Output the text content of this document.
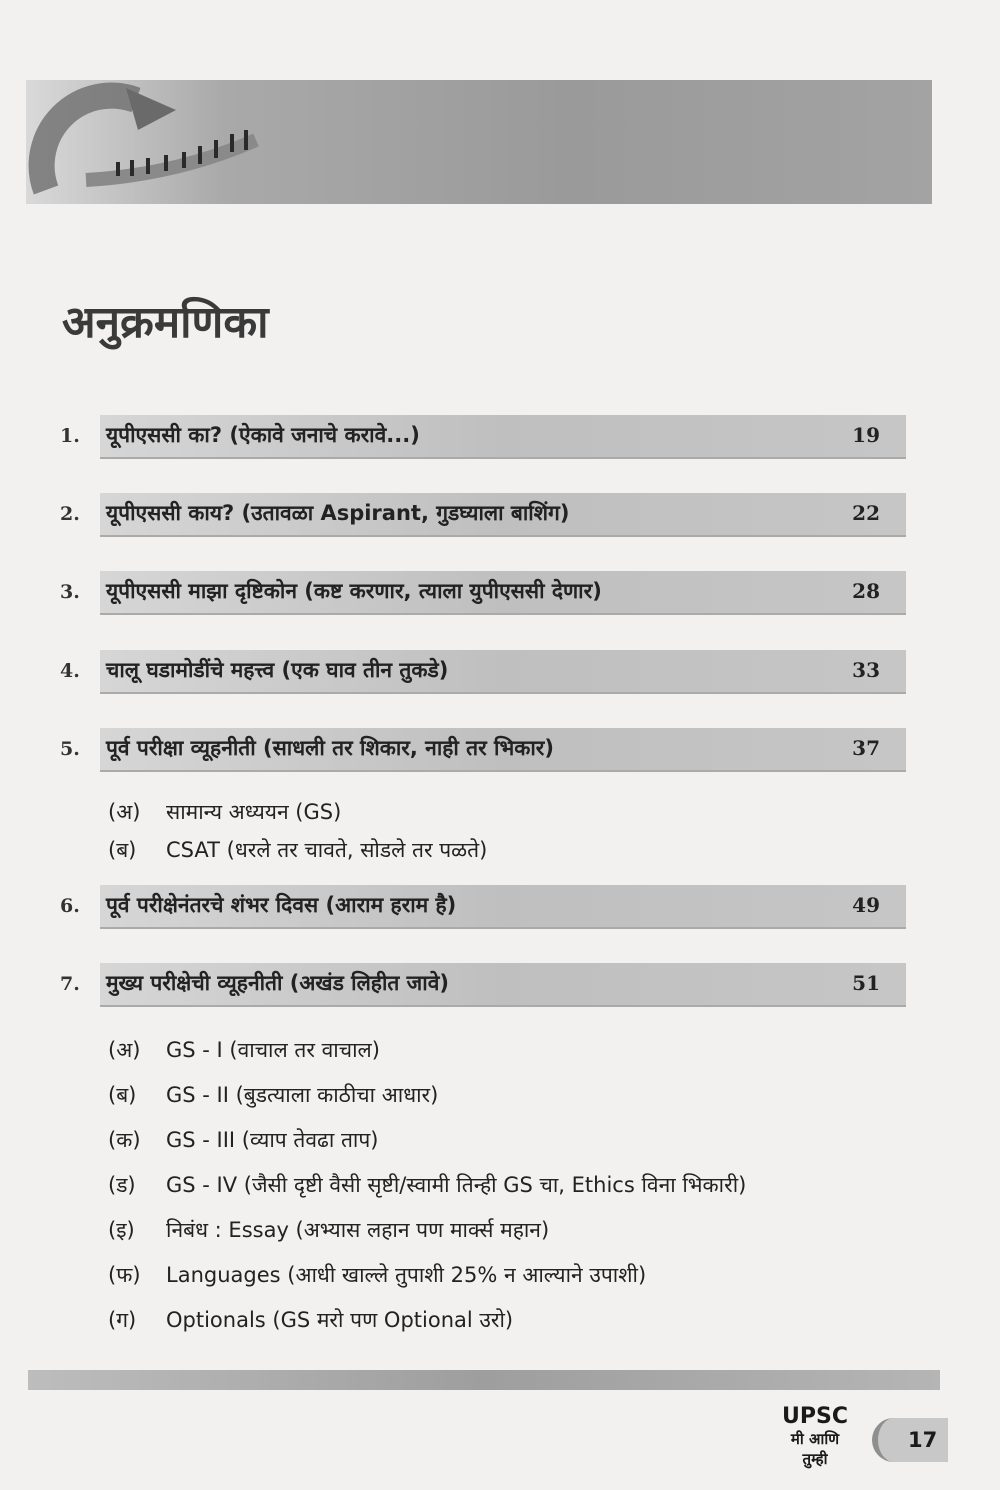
अनुक्रमणिका
1. यूपीएससी का? (ऐकावे जनाचे करावे...)	19
2. यूपीएससी काय? (उतावळा Aspirant, गुडघ्याला बाशिंग)	22
3. यूपीएससी माझा दृष्टिकोन (कष्ट करणार, त्याला युपीएससी देणार)	28
4. चालू घडामोडींचे महत्त्व (एक घाव तीन तुकडे)	33
5. पूर्व परीक्षा व्यूहनीती (साधली तर शिकार, नाही तर भिकार)	37
(अ) सामान्य अध्ययन (GS)
(ब) CSAT (धरले तर चावते, सोडले तर पळते)
6. पूर्व परीक्षेनंतरचे शंभर दिवस (आराम हराम है)	49
7. मुख्य परीक्षेची व्यूहनीती (अखंड लिहीत जावे)	51
(अ) GS - I (वाचाल तर वाचाल)
(ब) GS - II (बुडत्याला काठीचा आधार)
(क) GS - III (व्याप तेवढा ताप)
(ड) GS - IV (जैसी दृष्टी वैसी सृष्टी/स्वामी तिन्ही GS चा, Ethics विना भिकारी)
(इ) निबंध : Essay (अभ्यास लहान पण मार्क्स महान)
(फ) Languages (आधी खाल्ले तुपाशी 25% न आल्याने उपाशी)
(ग) Optionals (GS मरो पण Optional उरो)
UPSC
मी आणि
तुम्ही
17
